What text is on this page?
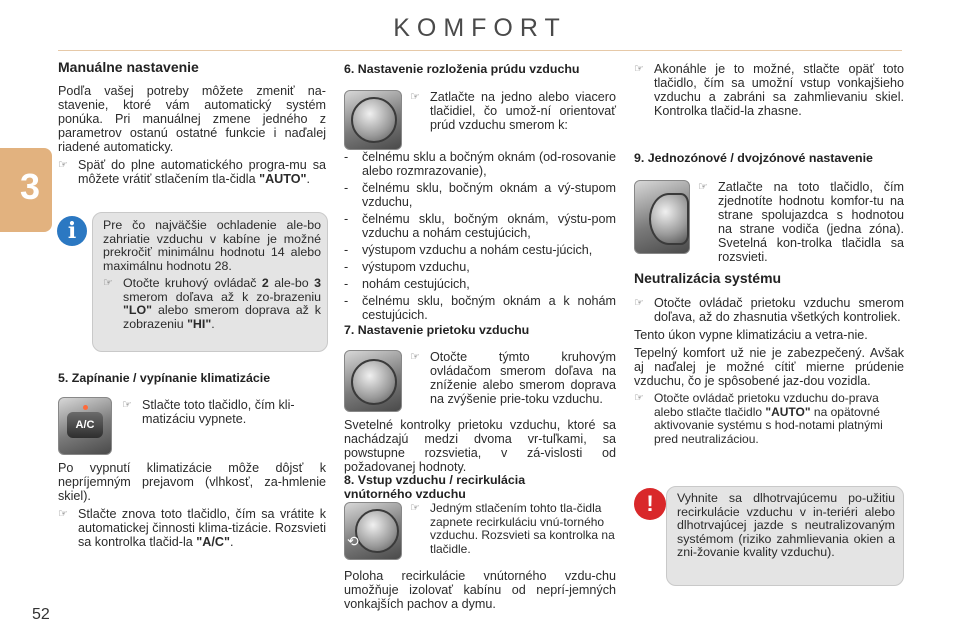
KOMFORT
3
52

Manuálne nastavenie

Podľa vašej potreby môžete zmeniť na-stavenie, ktoré vám automatický systém ponúka. Pri manuálnej zmene jedného z parametrov ostanú ostatné funkcie i naďalej riadené automaticky.

☞ Späť do plne automatického progra-mu sa môžete vrátiť stlačením tla-čidla "AUTO".
i	Pre čo najväčšie ochladenie ale-bo zahriatie vzduchu v kabíne je možné prekročiť minimálnu hodnotu 14 alebo maximálnu hodnotu 28.

☞ Otočte kruhový ovládač 2 ale-bo 3 smerom doľava až k zo-brazeniu "LO" alebo smerom doprava až k zobrazeniu "HI".

5. Zapínanie / vypínanie klimatizácie

A/C
☞ Stlačte toto tlačidlo, čím kli-matizáciu vypnete.

Po vypnutí klimatizácie môže dôjsť k nepríjemným prejavom (vlhkosť, za-hmlenie skiel).

☞ Stlačte znova toto tlačidlo, čím sa vrátite k automatickej činnosti klima-tizácie. Rozsvieti sa kontrolka tlačid-la "A/C".

6. Nastavenie rozloženia prúdu vzduchu

☞ Zatlačte na jedno alebo viacero tlačidiel, čo umož-ní orientovať prúd vzduchu smerom k:
-	čelnému sklu a bočným oknám (od-rosovanie alebo rozmrazovanie),
-	čelnému sklu, bočným oknám a vý-stupom vzduchu,
-	čelnému sklu, bočným oknám, výstu-pom vzduchu a nohám cestujúcich,
-	výstupom vzduchu a nohám cestu-júcich,
-	výstupom vzduchu,
-	nohám cestujúcich,
-	čelnému sklu, bočným oknám a k nohám cestujúcich.

7. Nastavenie prietoku vzduchu

☞ Otočte týmto kruhovým ovládačom smerom doľava na zníženie alebo smerom doprava na zvýšenie prie-toku vzduchu.

Svetelné kontrolky prietoku vzduchu, ktoré sa nachádzajú medzi dvoma vr-tuľkami, sa powstupne rozsvietia, v zá-vislosti od požadovanej hodnoty.

8. Vstup vzduchu / recirkulácia vnútorného vzduchu

⟲
☞ Jedným stlačením tohto tla-čidla zapnete recirkuláciu vnú-torného vzduchu. Rozsvieti sa kontrolka na tlačidle.

Poloha recirkulácie vnútorného vzdu-chu umožňuje izolovať kabínu od neprí-jemných vonkajších pachov a dymu.

☞ Akonáhle je to možné, stlačte opäť toto tlačidlo, čím sa umožní vstup vonkajšieho vzduchu a zabráni sa zahmlievaniu skiel. Kontrolka tlačid-la zhasne.

9. Jednozónové / dvojzónové nastavenie

☞ Zatlačte na toto tlačidlo, čím zjednotíte hodnotu komfor-tu na strane spolujazdca s hodnotou na strane vodiča (jedna zóna). Svetelná kon-trolka tlačidla sa rozsvieti.

Neutralizácia systému

☞ Otočte ovládač prietoku vzduchu smerom doľava, až do zhasnutia všetkých kontroliek.

Tento úkon vypne klimatizáciu a vetra-nie.

Tepelný komfort už nie je zabezpečený. Avšak aj naďalej je možné cítiť mierne prúdenie vzduchu, čo je spôsobené jaz-dou vozidla.

☞ Otočte ovládač prietoku vzduchu do-prava alebo stlačte tlačidlo "AUTO" na opätovné aktivovanie systému s hod-notami platnými pred neutralizáciou.
!	Vyhnite sa dlhotrvajúcemu po-užitiu recirkulácie vzduchu v in-teriéri alebo dlhotrvajúcej jazde s neutralizovaným systémom (riziko zahmlievania okien a zni-žovanie kvality vzduchu).
